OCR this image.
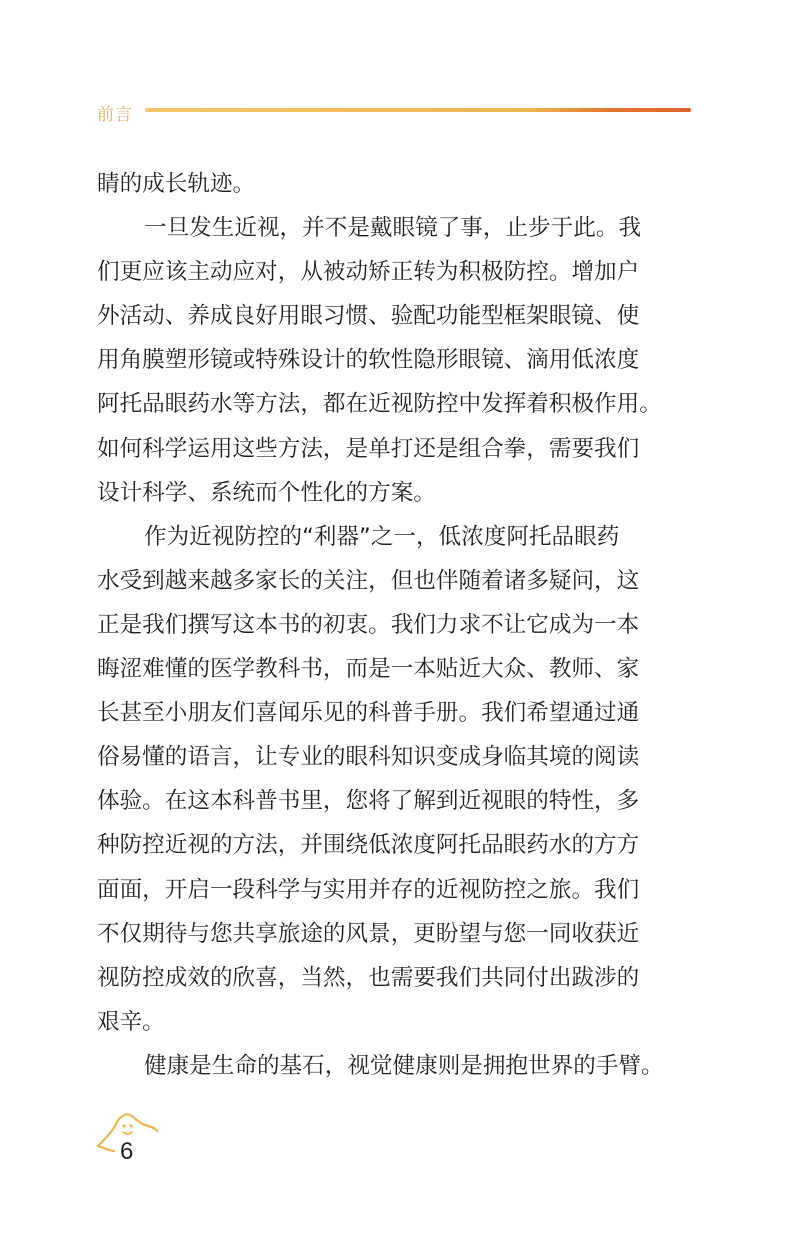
前言
睛的成长轨迹。
一旦发生近视，并不是戴眼镜了事，止步于此。我
们更应该主动应对，从被动矫正转为积极防控。增加户
外活动、养成良好用眼习惯、验配功能型框架眼镜、使
用角膜塑形镜或特殊设计的软性隐形眼镜、滴用低浓度
阿托品眼药水等方法，都在近视防控中发挥着积极作用。
如何科学运用这些方法，是单打还是组合拳，需要我们
设计科学、系统而个性化的方案。
作为近视防控的“利器”之一，低浓度阿托品眼药
水受到越来越多家长的关注，但也伴随着诸多疑问，这
正是我们撰写这本书的初衷。我们力求不让它成为一本
晦涩难懂的医学教科书，而是一本贴近大众、教师、家
长甚至小朋友们喜闻乐见的科普手册。我们希望通过通
俗易懂的语言，让专业的眼科知识变成身临其境的阅读
体验。在这本科普书里，您将了解到近视眼的特性，多
种防控近视的方法，并围绕低浓度阿托品眼药水的方方
面面，开启一段科学与实用并存的近视防控之旅。我们
不仅期待与您共享旅途的风景，更盼望与您一同收获近
视防控成效的欣喜，当然，也需要我们共同付出跋涉的
艰辛。
健康是生命的基石，视觉健康则是拥抱世界的手臂。
6
